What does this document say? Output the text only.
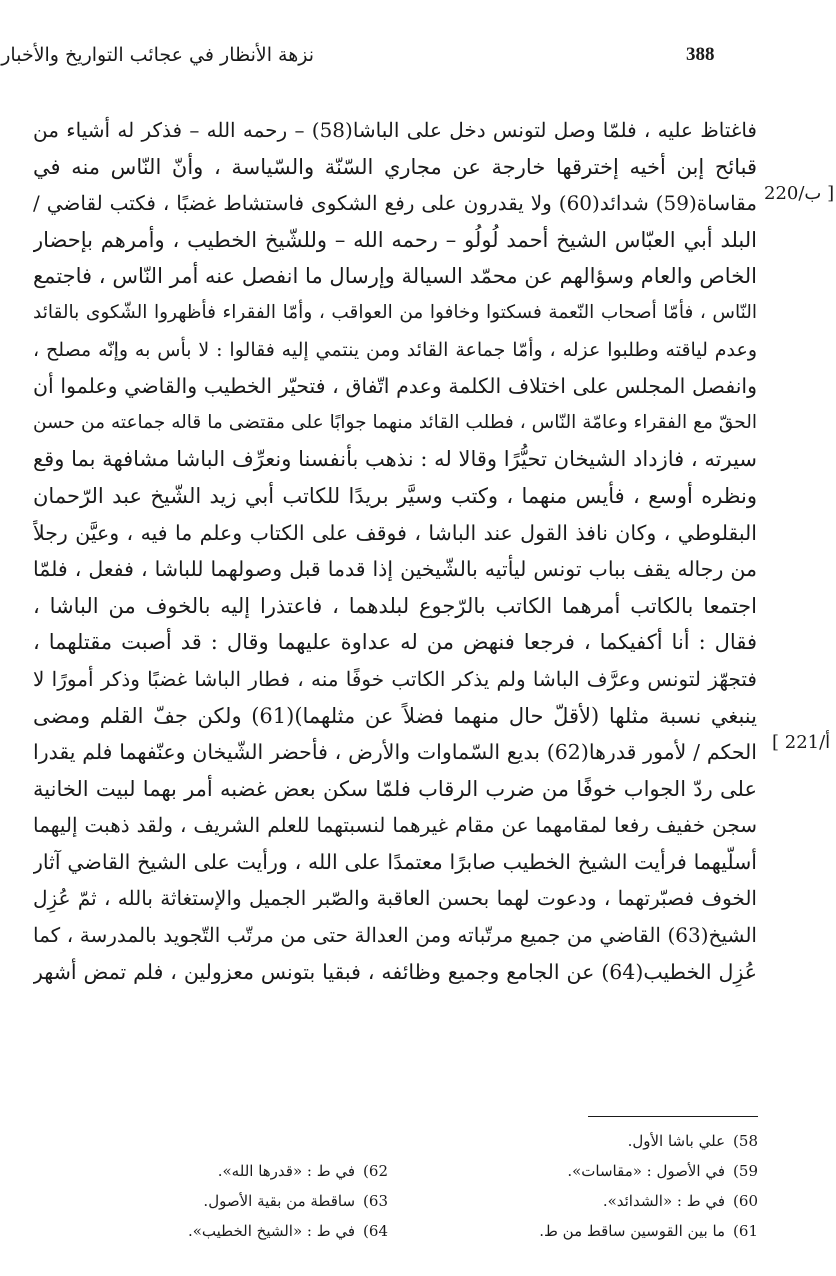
388
نزهة الأنظار في عجائب التواريخ والأخبار
220/ب ]
[ 221/أ
فاغتاظ عليه ، فلمّا وصل لتونس دخل على الباشا(58) – رحمه الله – فذكر له أشياء من
قبائح إبن أخيه إخترقها خارجة عن مجاري السّنّة والسّياسة ، وأنّ النّاس منه في
مقاساة(59) شدائد(60) ولا يقدرون على رفع الشكوى فاستشاط غضبًا ، فكتب لقاضي /
البلد أبي العبّاس الشيخ أحمد لُولُو – رحمه الله – وللشّيخ الخطيب ، وأمرهم بإحضار
الخاص والعام وسؤالهم عن محمّد السيالة وإرسال ما انفصل عنه أمر النّاس ، فاجتمع
النّاس ، فأمّا أصحاب النّعمة فسكتوا وخافوا من العواقب ، وأمّا الفقراء فأظهروا الشّكوى بالقائد
وعدم لياقته وطلبوا عزله ، وأمّا جماعة القائد ومن ينتمي إليه فقالوا : لا بأس به وإنّه مصلح ،
وانفصل المجلس على اختلاف الكلمة وعدم اتّفاق ، فتحيّر الخطيب والقاضي وعلموا أن
الحقّ مع الفقراء وعامّة النّاس ، فطلب القائد منهما جوابًا على مقتضى ما قاله جماعته من حسن
سيرته ، فازداد الشيخان تحيُّرًا وقالا له : نذهب بأنفسنا ونعرِّف الباشا مشافهة بما وقع
ونظره أوسع ، فأيس منهما ، وكتب وسيَّر بريدًا للكاتب أبي زيد الشّيخ عبد الرّحمان
البقلوطي ، وكان نافذ القول عند الباشا ، فوقف على الكتاب وعلم ما فيه ، وعيَّن رجلاً
من رجاله يقف بباب تونس ليأتيه بالشّيخين إذا قدما قبل وصولهما للباشا ، ففعل ، فلمّا
اجتمعا بالكاتب أمرهما الكاتب بالرّجوع لبلدهما ، فاعتذرا إليه بالخوف من الباشا ،
فقال : أنا أكفيكما ، فرجعا فنهض من له عداوة عليهما وقال : قد أصبت مقتلهما ،
فتجهّز لتونس وعرَّف الباشا ولم يذكر الكاتب خوفًا منه ، فطار الباشا غضبًا وذكر أمورًا لا
ينبغي نسبة مثلها (لأقلّ حال منهما فضلاً عن مثلهما)(61) ولكن جفّ القلم ومضى
الحكم / لأمور قدرها(62) بديع السّماوات والأرض ، فأحضر الشّيخان وعنّفهما فلم يقدرا
على ردّ الجواب خوفًا من ضرب الرقاب فلمّا سكن بعض غضبه أمر بهما لبيت الخانية
سجن خفيف رفعا لمقامهما عن مقام غيرهما لنسبتهما للعلم الشريف ، ولقد ذهبت إليهما
أسلّيهما فرأيت الشيخ الخطيب صابرًا معتمدًا على الله ، ورأيت على الشيخ القاضي آثار
الخوف فصبّرتهما ، ودعوت لهما بحسن العاقبة والصّبر الجميل والإستغاثة بالله ، ثمّ عُزِل
الشيخ(63) القاضي من جميع مرتّباته ومن العدالة حتى من مرتّب التّجويد بالمدرسة ، كما
عُزِل الخطيب(64) عن الجامع وجميع وظائفه ، فبقيا بتونس معزولين ، فلم تمض أشهر
58)علي باشا الأول.
59)في الأصول : «مقاسات».
60)في ط : «الشدائد».
61)ما بين القوسين ساقط من ط.
62)في ط : «قدرها الله».
63)ساقطة من بقية الأصول.
64)في ط : «الشيخ الخطيب».
